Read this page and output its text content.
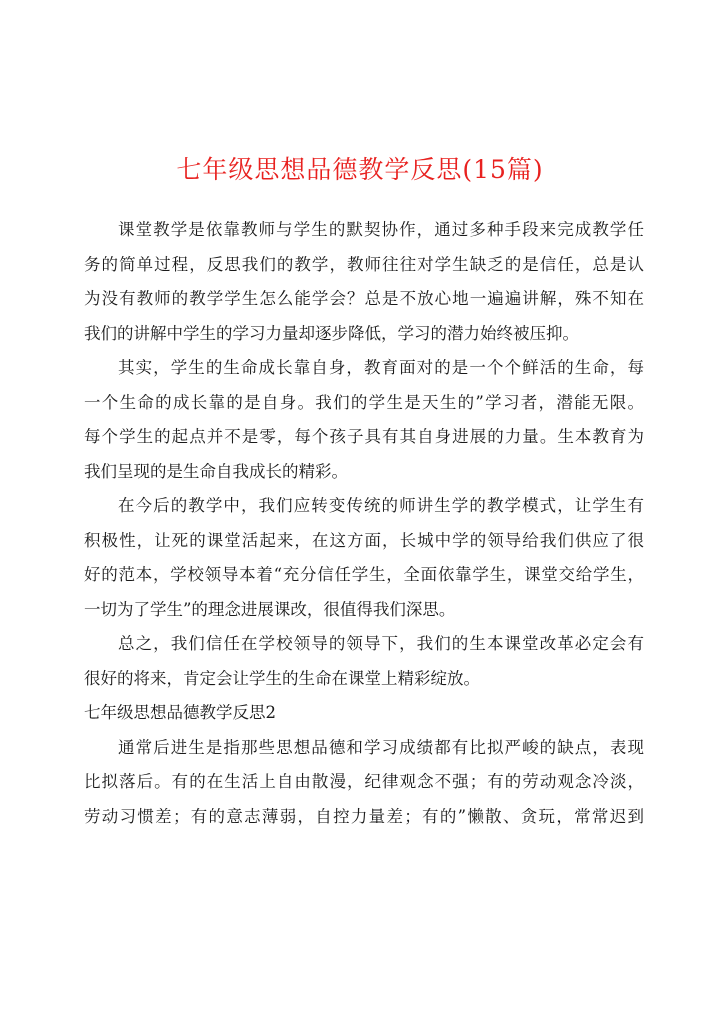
七年级思想品德教学反思(15篇)

课堂教学是依靠教师与学生的默契协作，通过多种手段来完成教学任
务的简单过程，反思我们的教学，教师往往对学生缺乏的是信任，总是认
为没有教师的教学学生怎么能学会？总是不放心地一遍遍讲解，殊不知在
我们的讲解中学生的学习力量却逐步降低，学习的潜力始终被压抑。

其实，学生的生命成长靠自身，教育面对的是一个个鲜活的生命，每
一个生命的成长靠的是自身。我们的学生是天生的”学习者，潜能无限。
每个学生的起点并不是零，每个孩子具有其自身进展的力量。生本教育为
我们呈现的是生命自我成长的精彩。

在今后的教学中，我们应转变传统的师讲生学的教学模式，让学生有
积极性，让死的课堂活起来，在这方面，长城中学的领导给我们供应了很
好的范本，学校领导本着“充分信任学生，全面依靠学生，课堂交给学生，
一切为了学生”的理念进展课改，很值得我们深思。

总之，我们信任在学校领导的领导下，我们的生本课堂改革必定会有
很好的将来，肯定会让学生的生命在课堂上精彩绽放。

七年级思想品德教学反思2

通常后进生是指那些思想品德和学习成绩都有比拟严峻的缺点，表现
比拟落后。有的在生活上自由散漫，纪律观念不强；有的劳动观念冷淡，
劳动习惯差；有的意志薄弱，自控力量差；有的”懒散、贪玩，常常迟到
